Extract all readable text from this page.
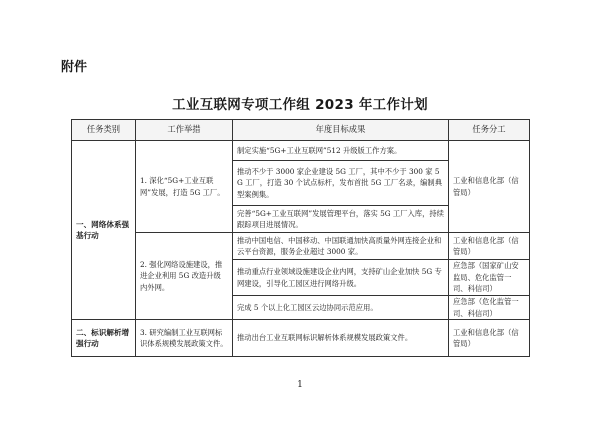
附件
工业互联网专项工作组 2023 年工作计划
任务类别	工作举措	年度目标成果	任务分工
一、网络体系强基行动	1. 深化“5G+工业互联网”发展，打造 5G 工厂。	制定实施“5G+工业互联网”512 升级版工作方案。	工业和信息化部（信管局）
		推动不少于 3000 家企业建设 5G 工厂，其中不少于 300 家 5G 工厂，打造 30 个试点标杆，发布首批 5G 工厂名录，编制典型案例集。	
		完善“5G+工业互联网”发展管理平台，落实 5G 工厂入库，持续跟踪项目进展情况。	
	2. 强化网络设施建设，推进企业利用 5G 改造升级内外网。	推动中国电信、中国移动、中国联通加快高质量外网连接企业和云平台资源，服务企业超过 3000 家。	工业和信息化部（信管局）
		推动重点行业领域设施建设企业内网，支持矿山企业加快 5G 专网建设，引导化工园区进行网络升级。	应急部（国家矿山安监局、危化监管一司、科信司）
		完成 5 个以上化工园区云边协同示范应用。	应急部（危化监管一司、科信司）
二、标识解析增强行动	3. 研究编制工业互联网标识体系规模发展政策文件。	推动出台工业互联网标识解析体系规模发展政策文件。	工业和信息化部（信管局）
1
